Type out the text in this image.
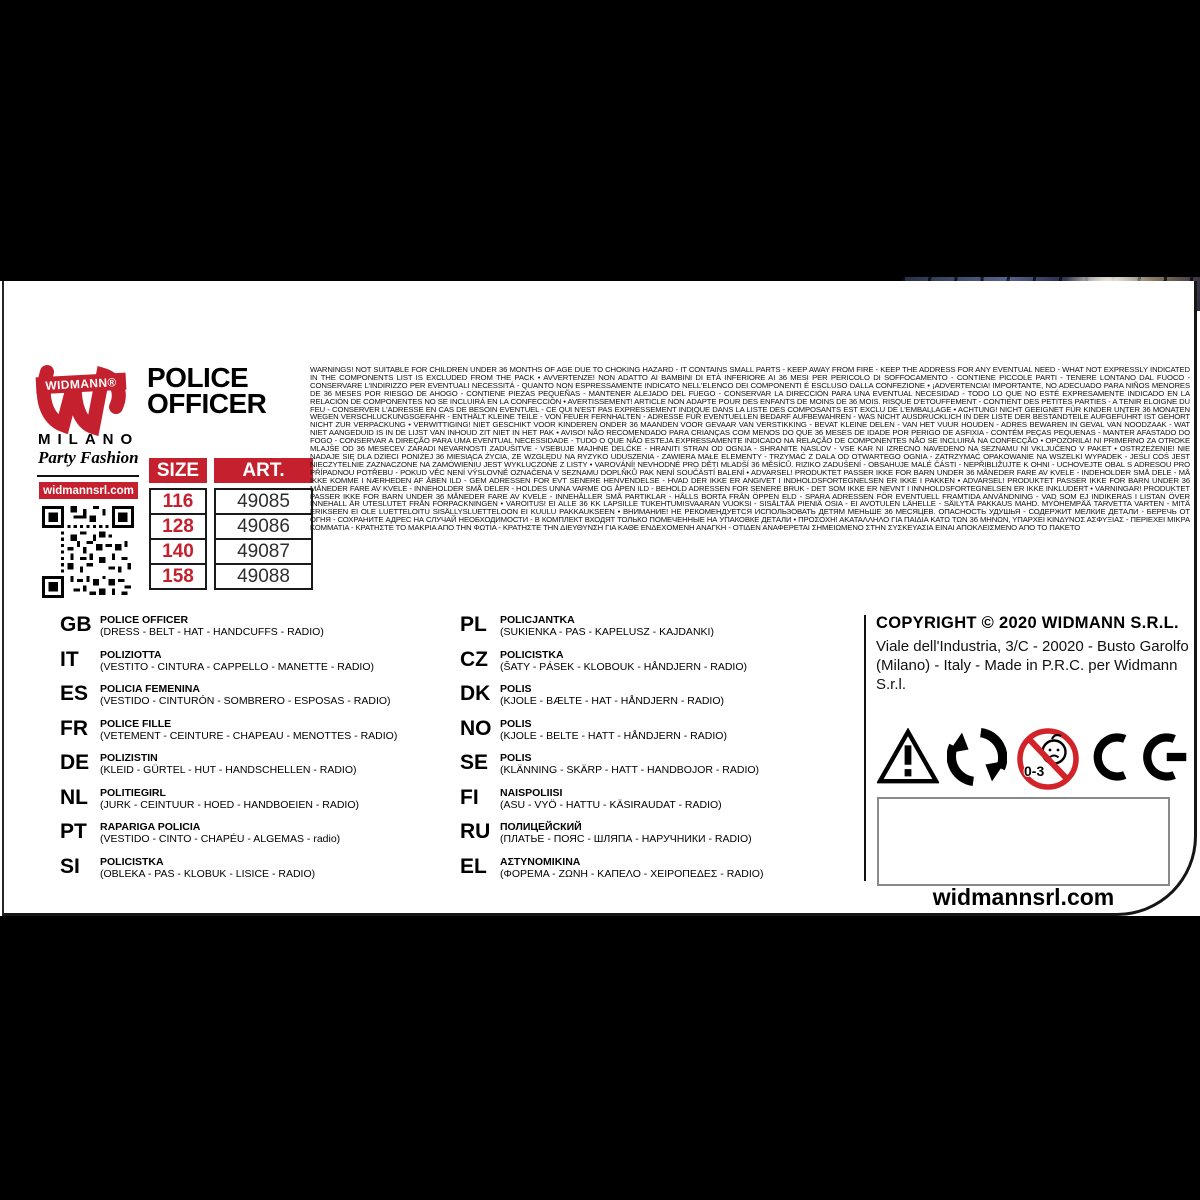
WIDMANN®
MILANO
Party Fashion
widmannsrl.com
POLICE
OFFICER
SIZE	ART.
116	49085
128	49086
140	49087
158	49088
WARNINGS! NOT SUITABLE FOR CHILDREN UNDER 36 MONTHS OF AGE DUE TO CHOKING HAZARD - IT CONTAINS SMALL PARTS - KEEP AWAY FROM FIRE - KEEP THE ADDRESS FOR ANY EVENTUAL NEED - WHAT NOT EXPRESSLY INDICATED IN THE COMPONENTS LIST IS EXCLUDED FROM THE PACK • AVVERTENZE! NON ADATTO AI BAMBINI DI ETÀ INFERIORE AI 36 MESI PER PERICOLO DI SOFFOCAMENTO - CONTIENE PICCOLE PARTI - TENERE LONTANO DAL FUOCO - CONSERVARE L'INDIRIZZO PER EVENTUALI NECESSITÁ - QUANTO NON ESPRESSAMENTE INDICATO NELL'ELENCO DEI COMPONENTI É ESCLUSO DALLA CONFEZIONE • ¡ADVERTENCIA! IMPORTANTE, NO ADECUADO PARA NIÑOS MENORES DE 36 MESES POR RIESGO DE AHOGO - CONTIENE PIEZAS PEQUEÑAS - MANTENER ALEJADO DEL FUEGO - CONSERVAR LA DIRECCIÓN PARA UNA EVENTUAL NECESIDAD - TODO LO QUE NO ESTÉ EXPRESAMENTE INDICADO EN LA RELACIÓN DE COMPONENTES NO SE INCLUIRÁ EN LA CONFECCIÓN • AVERTISSEMENT! ARTICLE NON ADAPTE POUR DES ENFANTS DE MOINS DE 36 MOIS. RISQUE D'ETOUFFEMENT - CONTIENT DES PETITES PARTIES - A TENIR ELOIGNE DU FEU - CONSERVER L'ADRESSE EN CAS DE BESOIN EVENTUEL - CE QUI N'EST PAS EXPRESSEMENT INDIQUE DANS LA LISTE DES COMPOSANTS EST EXCLU DE L'EMBALLAGE • ACHTUNG! NICHT GEEIGNET FÜR KINDER UNTER 36 MONATEN WEGEN VERSCHLUCKUNGSGEFAHR - ENTHÄLT KLEINE TEILE - VON FEUER FERNHALTEN - ADRESSE FÜR EVENTUELLEN BEDARF AUFBEWAHREN - WAS NICHT AUSDRÜCKLICH IN DER LISTE DER BESTANDTEILE AUFGEFÜHRT IST GEHÖRT NICHT ZUR VERPACKUNG • VERWITTIGING! NIET GESCHIKT VOOR KINDEREN ONDER 36 MAANDEN VOOR GEVAAR VAN VERSTIKKING - BEVAT KLEINE DELEN - VAN HET VUUR HOUDEN - ADRES BEWAREN IN GEVAL VAN NOODZAAK - WAT NIET AANGEDUID IS IN DE LIJST VAN INHOUD ZIT NIET IN HET PAK • AVISO! NÃO RECOMENDADO PARA CRIANÇAS COM MENOS DO QUE 36 MESES DE IDADE POR PERIGO DE ASFIXIA - CONTÉM PEÇAS PEQUENAS - MANTER AFASTADO DO FOGO - CONSERVAR A DIREÇÃO PARA UMA EVENTUAL NECESSIDADE - TUDO O QUE NÃO ESTEJA EXPRESSAMENTE INDICADO NA RELAÇÃO DE COMPONENTES NÃO SE INCLUIRÁ NA CONFECÇÃO • OPOZORILA! NI PRIMERNO ZA OTROKE MLAJŠE OD 36 MESECEV ZARADI NEVARNOSTI ZADUŠITVE - VSEBUJE MAJHNE DELČKE - HRANITI STRAN OD OGNJA - SHRANITE NASLOV - VSE KAR NI IZRECNO NAVEDENO NA SEZNAMU NI VKLJUČENO V PAKET • OSTRZEŻENIE! NIE NADAJE SIĘ DLA DZIECI PONIŻEJ 36 MIESIĄCA ŻYCIA, ZE WZGLĘDU NA RYZYKO UDUSZENIA - ZAWIERA MAŁE ELEMENTY - TRZYMAĆ Z DALA OD OTWARTEGO OGNIA - ZATRZYMAĆ OPAKOWANIE NA WSZELKI WYPADEK - JEŚLI COŚ JEST NIECZYTELNIE ZAZNACZONE NA ZAMÓWIENIU JEST WYKLUCZONE Z LISTY • VAROVÁNÍ! NEVHODNÉ PRO DĚTI MLADŠÍ 36 MĚSÍCŮ. RIZIKO ZADUŠENÍ - OBSAHUJE MALÉ ČÁSTI - NEPŘIBLIŽUJTE K OHNI - UCHOVEJTE OBAL S ADRESOU PRO PŘÍPADNOU POTŘEBU - POKUD VĚC NENÍ VÝSLOVNĚ OZNAČENA V SEZNAMU DOPLŇKŮ PAK NENÍ SOUČÁSTÍ BALENÍ • ADVARSEL! PRODUKTET PASSER IKKE FOR BARN UNDER 36 MÅNEDER FARE AV KVELE - INDEHOLDER SMÅ DELE - MÅ IKKE KOMME I NÆRHEDEN AF ÅBEN ILD - GEM ADRESSEN FOR EVT SENERE HENVENDELSE - HVAD DER IKKE ER ANGIVET I INDHOLDSFORTEGNELSEN ER IKKE I PAKKEN • ADVARSEL! PRODUKTET PASSER IKKE FOR BARN UNDER 36 MÅNEDER FARE AV KVELE - INNEHOLDER SMÅ DELER - HOLDES UNNA VARME OG ÅPEN ILD - BEHOLD ADRESSEN FOR SENERE BRUK - DET SOM IKKE ER NEVNT I INNHOLDSFORTEGNELSEN ER IKKE INKLUDERT • VARNINGAR! PRODUKTET PASSER IKKE FOR BARN UNDER 36 MÅNEDER FARE AV KVELE - INNEHÅLLER SMÅ PARTIKLAR - HÅLLS BORTA FRÅN ÖPPEN ELD - SPARA ADRESSEN FÖR EVENTUELL FRAMTIDA ANVÄNDNING - VAD SOM EJ INDIKERAS I LISTAN ÖVER INNEHALL ÄR UTESLUTET FRÅN FÖRPACKNINGEN • VAROITUS! EI ALLE 36 KK LAPSILLE TUKEHTUMISVAARAN VUOKSI - SISÄLTÄÄ PIENIÄ OSIA - EI AVOTULEN LÄHELLE - SÄILYTÄ PAKKAUS MAHD. MYÖHEMPÄÄ TARVETTA VARTEN - MITÄ ERIKSEEN EI OLE LUETTELOITU SISÄLLYSLUETTELOON EI KUULU PAKKAUKSEEN • ВНИМАНИЕ! НЕ РЕКОМЕНДУЕТСЯ ИСПОЛЬЗОВАТЬ ДЕТЯМ МЕНЬШЕ 36 МЕСЯЦЕВ. ОПАСНОСТЬ УДУШЬЯ - СОДЕРЖИТ МЕЛКИЕ ДЕТАЛИ - БЕРЕЧЬ ОТ ОГНЯ - СОХРАНИТЕ АДРЕС НА СЛУЧАЙ НЕОБХОДИМОСТИ - В КОМПЛЕКТ ВХОДЯТ ТОЛЬКО ПОМЕЧЕННЫЕ НА УПАКОВКЕ ДЕТАЛИ • ΠΡΟΣΟΧΗ! ΑΚΑΤΑΛΛΗΛΟ ΓΙΑ ΠΑΙΔΙΑ ΚΑΤΩ ΤΩΝ 36 ΜΗΝΩΝ, ΥΠΑΡΧΕΙ ΚΙΝΔΥΝΟΣ ΑΣΦΥΞΙΑΣ - ΠΕΡΙΕΧΕΙ ΜΙΚΡΑ ΚΟΜΜΑΤΙΑ - ΚΡΑΤΗΣΤΕ ΤΟ ΜΑΚΡΙΑ ΑΠΟ ΤΗΝ ΦΩΤΙΑ - ΚΡΑΤΗΣΤΕ ΤΗΝ ΔΙΕΥΘΥΝΣΗ ΓΙΑ ΚΑΘΕ ΕΝΔΕΧΟΜΕΝΗ ΑΝΑΓΚΗ - ΟΤΙΔΕΝ ΑΝΑΦΕΡΕΤΑΙ ΣΗΜΕΙΩΜΕΝΟ ΣΤΗΝ ΣΥΣΚΕΥΑΣΙΑ ΕΙΝΑΙ ΑΠΟΚΛΕΙΣΜΕΝΟ ΑΠΟ ΤΟ ΠΑΚΕΤΟ
GB POLICE OFFICER
(DRESS - BELT - HAT - HANDCUFFS - RADIO)
IT	POLIZIOTTA
(VESTITO - CINTURA - CAPPELLO - MANETTE - RADIO)
ES	POLICIA FEMENINA
(VESTIDO - CINTURÓN - SOMBRERO - ESPOSAS - RADIO)
FR	POLICE FILLE
(VETEMENT - CEINTURE - CHAPEAU - MENOTTES - RADIO)
DE	POLIZISTIN
(KLEID - GÜRTEL - HUT - HANDSCHELLEN - RADIO)
NL	POLITIEGIRL
(JURK - CEINTUUR - HOED - HANDBOEIEN - RADIO)
PT	RAPARIGA POLICIA
(VESTIDO - CINTO - CHAPÉU - ALGEMAS - radio)
SI	POLICISTKA
(OBLEKA - PAS - KLOBUK - LISICE - RADIO)
PL	POLICJANTKA
(SUKIENKA - PAS - KAPELUSZ - KAJDANKI)
CZ	POLICISTKA
(ŠATY - PÁSEK - KLOBOUK - HÅNDJERN - RADIO)
DK POLIS
(KJOLE - BÆLTE - HAT - HÅNDJERN - RADIO)
NO POLIS
(KJOLE - BELTE - HATT - HÅNDJERN - RADIO)
SE	POLIS
(KLÄNNING - SKÄRP - HATT - HANDBOJOR - RADIO)
FI	NAISPOLIISI
(ASU - VYÖ - HATTU - KÄSIRAUDAT - RADIO)
RU ПОЛИЦЕЙСКИЙ
(ПЛАТЬЕ - ПОЯС - ШЛЯПА - НАРУЧНИКИ - RADIO)
EL	ΑΣΤΥΝΟΜΙΚΙΝΑ
(ΦΟΡΕΜΑ - ΖΩΝΗ - ΚΑΠΕΛΟ - ΧΕΙΡΟΠΕΔΕΣ - RADIO)
COPYRIGHT © 2020 WIDMANN S.R.L.
Viale dell'Industria, 3/C - 20020 - Busto Garolfo
(Milano) - Italy - Made in P.R.C. per Widmann S.r.l.
0-3
widmannsrl.com
